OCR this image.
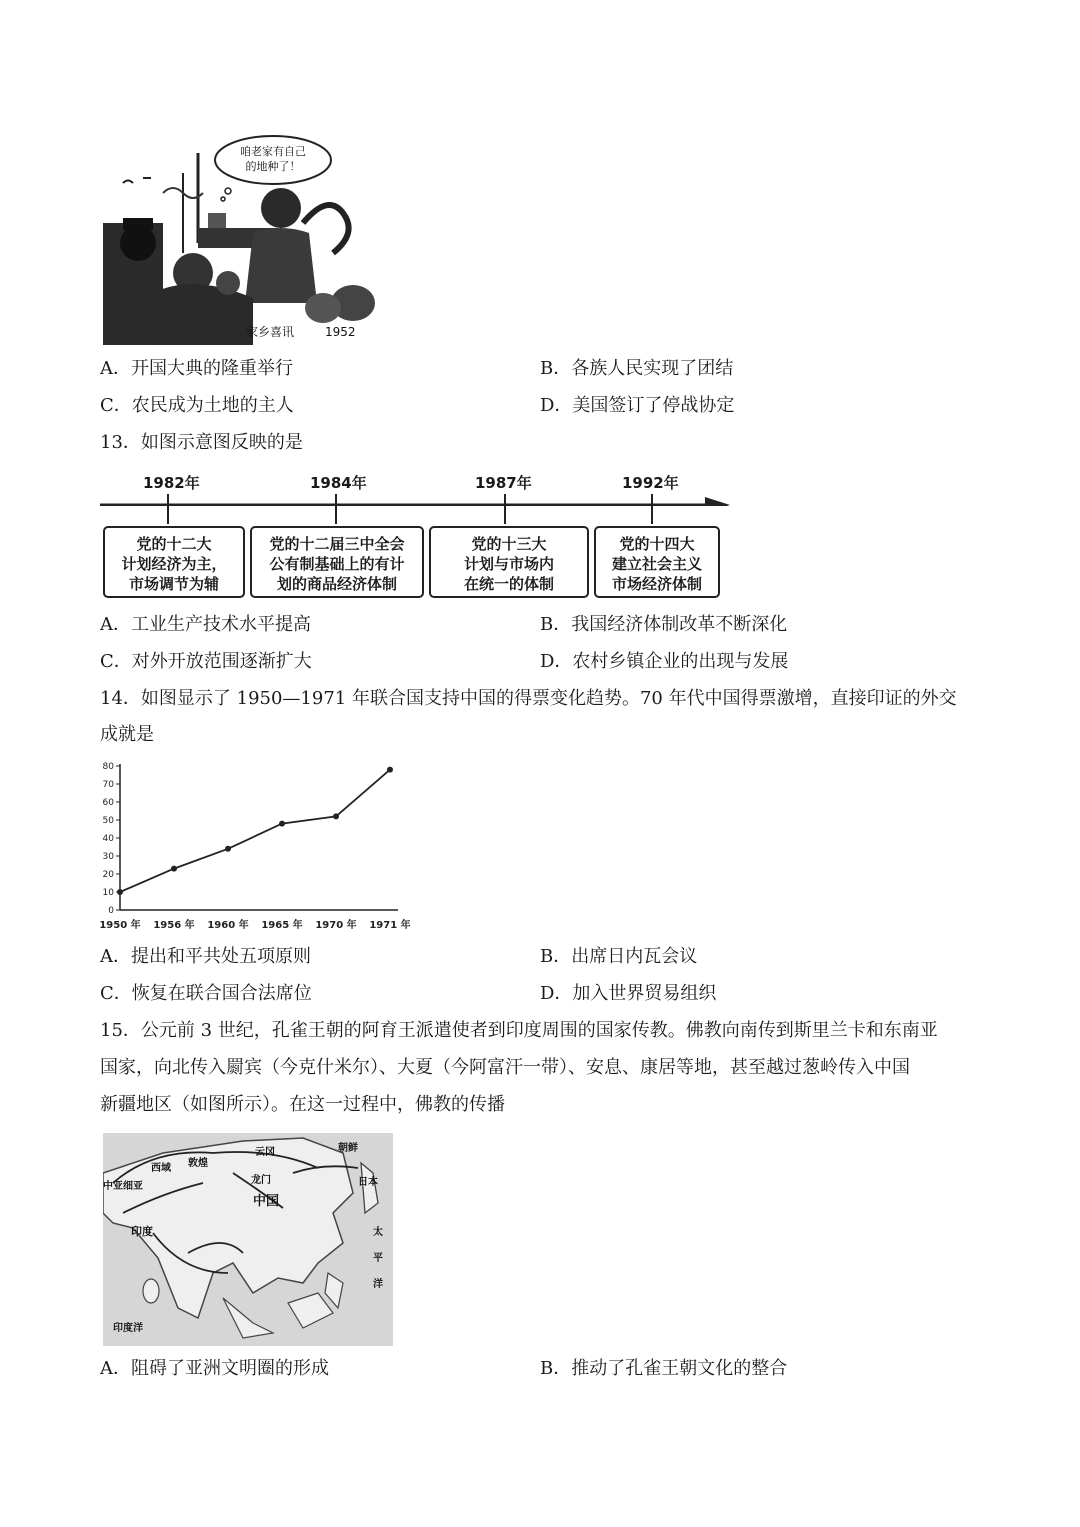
咱老家有自己
的地种了！
家乡喜讯	1952
A．开国大典的隆重举行	B．各族人民实现了团结
C．农民成为土地的主人	D．美国签订了停战协定
13．如图示意图反映的是
1982年	1984年	1987年	1992年
党的十二大
计划经济为主，
市场调节为辅
党的十二届三中全会
公有制基础上的有计
划的商品经济体制
党的十三大
计划与市场内
在统一的体制
党的十四大
建立社会主义
市场经济体制
A．工业生产技术水平提高	B．我国经济体制改革不断深化
C．对外开放范围逐渐扩大	D．农村乡镇企业的出现与发展
14．如图显示了 1950—1971 年联合国支持中国的得票变化趋势。70 年代中国得票激增，直接印证的外交
成就是
0
10
20
30
40
50
60
70
80
1950 年 1956 年 1960 年 1965 年 1970 年 1971 年
A．提出和平共处五项原则	B．出席日内瓦会议
C．恢复在联合国合法席位	D．加入世界贸易组织
15．公元前 3 世纪，孔雀王朝的阿育王派遣使者到印度周围的国家传教。佛教向南传到斯里兰卡和东南亚
国家，向北传入罽宾（今克什米尔）、大夏（今阿富汗一带）、安息、康居等地，甚至越过葱岭传入中国
新疆地区（如图所示）。在这一过程中，佛教的传播
中亚细亚
西域 敦煌
云冈	朝鲜
日本
龙门
中国
印度
印度洋
太
平
洋
A．阻碍了亚洲文明圈的形成	B．推动了孔雀王朝文化的整合
